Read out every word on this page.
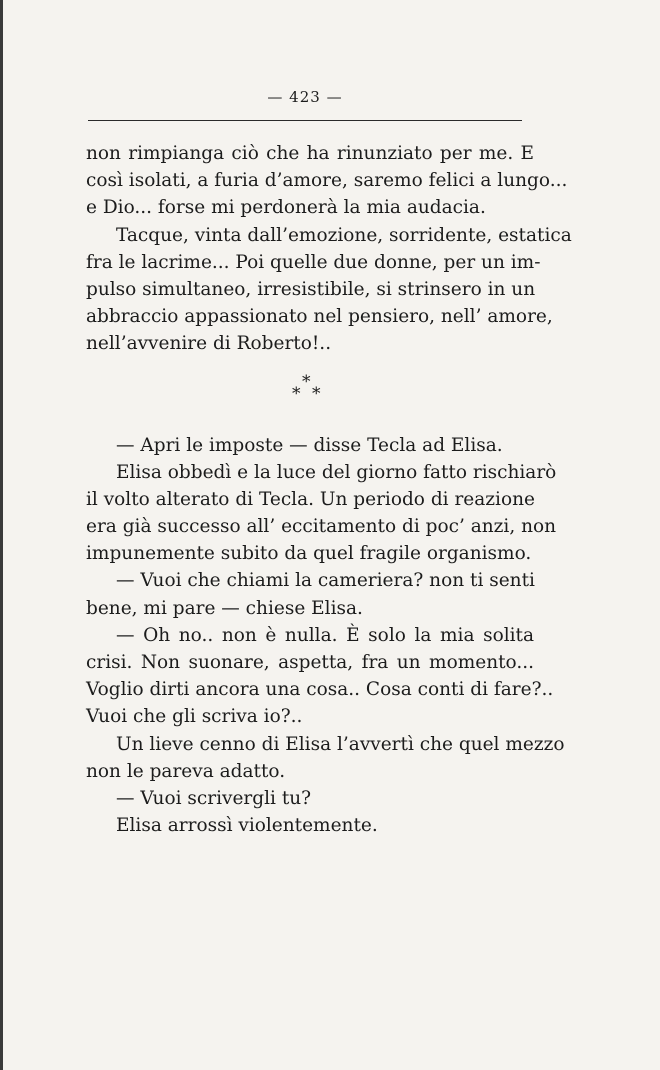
— 423 —
non rimpianga ciò che ha rinunziato per me. E
così isolati, a furia d’amore, saremo felici a lungo...
e Dio... forse mi perdonerà la mia audacia.
Tacque, vinta dall’emozione, sorridente, estatica
fra le lacrime... Poi quelle due donne, per un im-
pulso simultaneo, irresistibile, si strinsero in un
abbraccio appassionato nel pensiero, nell’ amore,
nell’avvenire di Roberto!..
*
* *
— Apri le imposte — disse Tecla ad Elisa.
Elisa obbedì e la luce del giorno fatto rischiarò
il volto alterato di Tecla. Un periodo di reazione
era già successo all’ eccitamento di poc’ anzi, non
impunemente subito da quel fragile organismo.
— Vuoi che chiami la cameriera? non ti senti
bene, mi pare — chiese Elisa.
— Oh no.. non è nulla. È solo la mia solita
crisi. Non suonare, aspetta, fra un momento...
Voglio dirti ancora una cosa.. Cosa conti di fare?..
Vuoi che gli scriva io?..
Un lieve cenno di Elisa l’avvertì che quel mezzo
non le pareva adatto.
— Vuoi scrivergli tu?
Elisa arrossì violentemente.
